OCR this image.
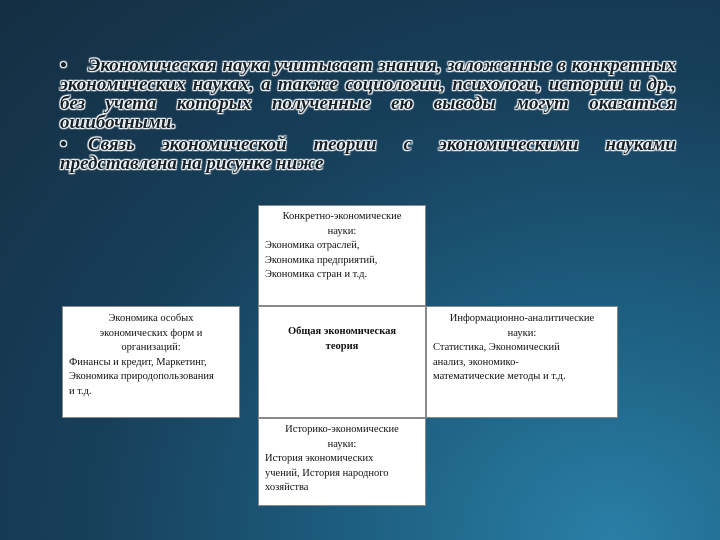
• Экономическая наука учитывает знания, заложенные в конкретных экономических науках, а также социологии, психологи, истории и др., без учета которых полученные ею выводы могут оказаться ошибочными.

• Связь экономической теории с экономическими науками представлена на рисунке ниже

Конкретно-экономические
науки:
Экономика отраслей,
Экономика предприятий,
Экономика стран и т.д.
Экономика особых
экономических форм и
организаций:
Финансы и кредит, Маркетинг,
Экономика природопользования
и т.д.
Общая экономическая
теория
Информационно-аналитические
науки:
Статистика, Экономический
анализ, экономико-
математические методы и т.д.
Историко-экономические
науки:
История экономических
учений, История народного
хозяйства
